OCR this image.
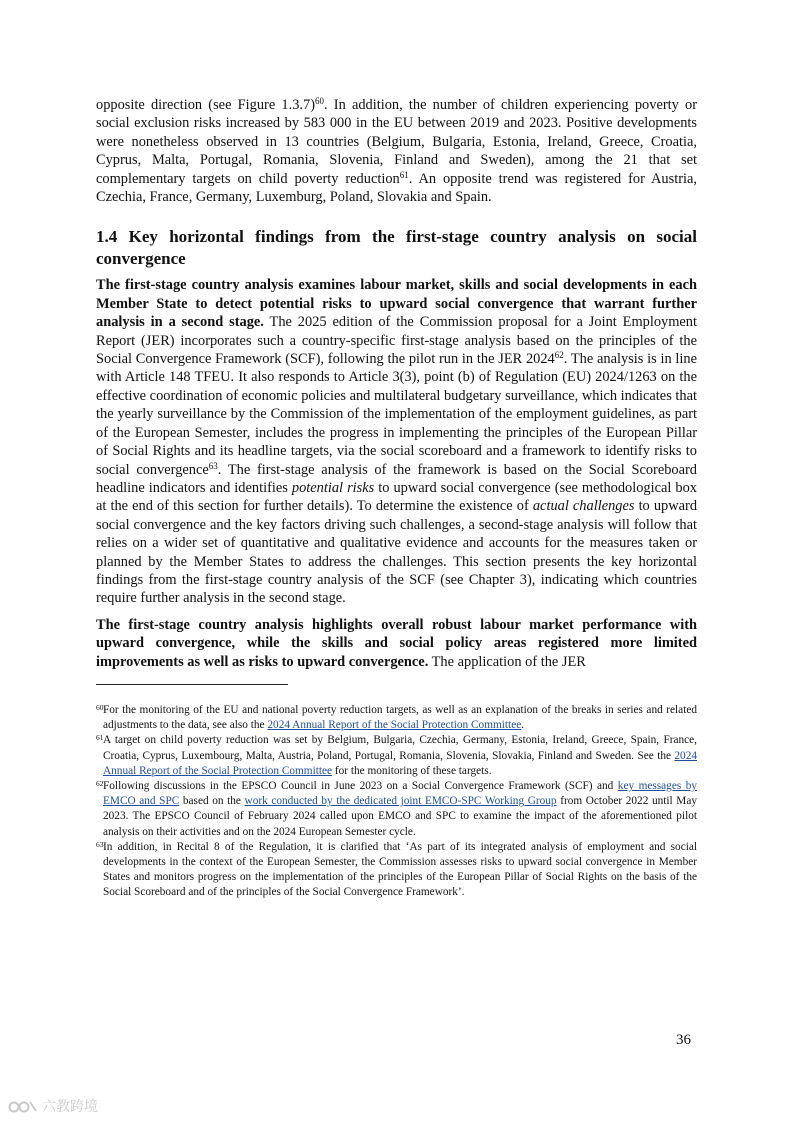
opposite direction (see Figure 1.3.7)$^{60}$. In addition, the number of children experiencing poverty or social exclusion risks increased by 583 000 in the EU between 2019 and 2023. Positive developments were nonetheless observed in 13 countries (Belgium, Bulgaria, Estonia, Ireland, Greece, Croatia, Cyprus, Malta, Portugal, Romania, Slovenia, Finland and Sweden), among the 21 that set complementary targets on child poverty reduction$^{61}$. An opposite trend was registered for Austria, Czechia, France, Germany, Luxemburg, Poland, Slovakia and Spain.

1.4 Key horizontal findings from the first-stage country analysis on social convergence

The first-stage country analysis examines labour market, skills and social developments in each Member State to detect potential risks to upward social convergence that warrant further analysis in a second stage. The 2025 edition of the Commission proposal for a Joint Employment Report (JER) incorporates such a country-specific first-stage analysis based on the principles of the Social Convergence Framework (SCF), following the pilot run in the JER 2024$^{62}$. The analysis is in line with Article 148 TFEU. It also responds to Article 3(3), point (b) of Regulation (EU) 2024/1263 on the effective coordination of economic policies and multilateral budgetary surveillance, which indicates that the yearly surveillance by the Commission of the implementation of the employment guidelines, as part of the European Semester, includes the progress in implementing the principles of the European Pillar of Social Rights and its headline targets, via the social scoreboard and a framework to identify risks to social convergence$^{63}$. The first-stage analysis of the framework is based on the Social Scoreboard headline indicators and identifies potential risks to upward social convergence (see methodological box at the end of this section for further details). To determine the existence of actual challenges to upward social convergence and the key factors driving such challenges, a second-stage analysis will follow that relies on a wider set of quantitative and qualitative evidence and accounts for the measures taken or planned by the Member States to address the challenges. This section presents the key horizontal findings from the first-stage country analysis of the SCF (see Chapter 3), indicating which countries require further analysis in the second stage.

The first-stage country analysis highlights overall robust labour market performance with upward convergence, while the skills and social policy areas registered more limited improvements as well as risks to upward convergence. The application of the JER

60 For the monitoring of the EU and national poverty reduction targets, as well as an explanation of the breaks in series and related adjustments to the data, see also the 2024 Annual Report of the Social Protection Committee.

61 A target on child poverty reduction was set by Belgium, Bulgaria, Czechia, Germany, Estonia, Ireland, Greece, Spain, France, Croatia, Cyprus, Luxembourg, Malta, Austria, Poland, Portugal, Romania, Slovenia, Slovakia, Finland and Sweden. See the 2024 Annual Report of the Social Protection Committee for the monitoring of these targets.

62 Following discussions in the EPSCO Council in June 2023 on a Social Convergence Framework (SCF) and key messages by EMCO and SPC based on the work conducted by the dedicated joint EMCO-SPC Working Group from October 2022 until May 2023. The EPSCO Council of February 2024 called upon EMCO and SPC to examine the impact of the aforementioned pilot analysis on their activities and on the 2024 European Semester cycle.

63 In addition, in Recital 8 of the Regulation, it is clarified that ‘As part of its integrated analysis of employment and social developments in the context of the European Semester, the Commission assesses risks to upward social convergence in Member States and monitors progress on the implementation of the principles of the European Pillar of Social Rights on the basis of the Social Scoreboard and of the principles of the Social Convergence Framework’.

36
六教跨境
